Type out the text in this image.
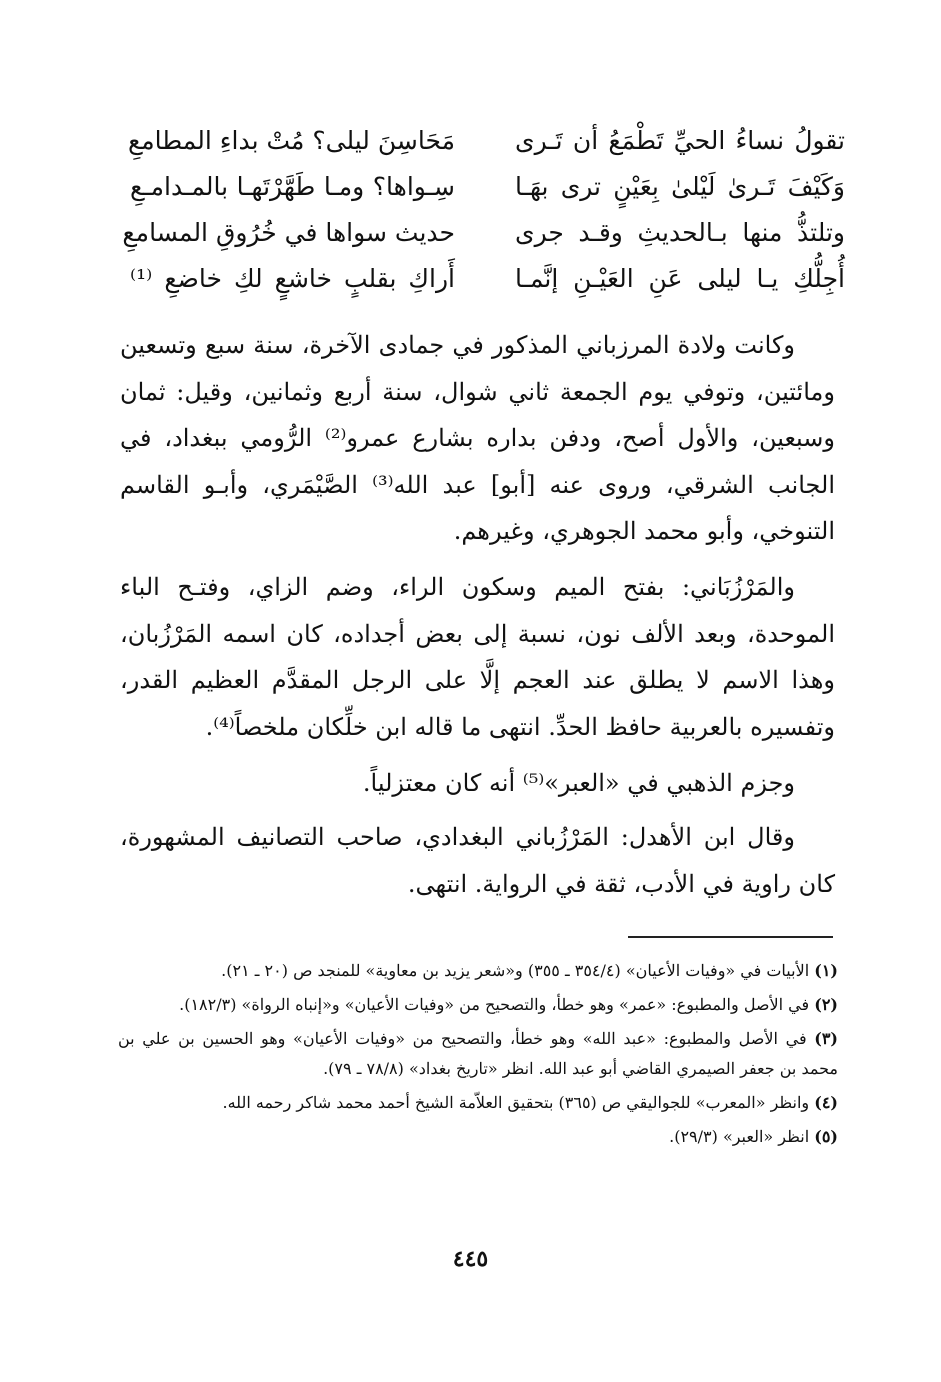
تقولُ نساءُ الحيِّ تَطْمَعُ أن تَـرى
مَحَاسِنَ ليلى؟ مُتْ بداءِ المطامعِ
وَكَيْفَ تَـرىٰ لَيْلىٰ بِعَيْنٍ ترى بهَـا
سِـواها؟ ومـا طَهَّرْتَهـا بالمـدامـعِ
وتلتذُّ منها بـالحديثِ وقـد جرى
حديث سواها في خُرُوقِ المسامعِ
أُجِلُّكِ يـا ليلى عَنِ العَيْـنِ إنَّمـا
أَراكِ بقلبٍ خاشعٍ لكِ خاضعِ ⁽¹⁾
وكانت ولادة المرزباني المذكور في جمادى الآخرة، سنة سبع وتسعين ومائتين، وتوفي يوم الجمعة ثاني شوال، سنة أربع وثمانين، وقيل: ثمان وسبعين، والأول أصح، ودفن بداره بشارع عمرو⁽²⁾ الرُّومي ببغداد، في الجانب الشرقي، وروى عنه [أبو] عبد الله⁽³⁾ الصَّيْمَري، وأبـو القاسم التنوخي، وأبو محمد الجوهري، وغيرهم.
والمَرْزُبَاني: بفتح الميم وسكون الراء، وضم الزاي، وفتـح الباء الموحدة، وبعد الألف نون، نسبة إلى بعض أجداده، كان اسمه المَرْزُبان، وهذا الاسم لا يطلق عند العجم إلَّا على الرجل المقدَّم العظيم القدر، وتفسيره بالعربية حافظ الحدِّ. انتهى ما قاله ابن خلِّكان ملخصاً⁽⁴⁾.
وجزم الذهبي في «العبر»⁽⁵⁾ أنه كان معتزلياً.
وقال ابن الأهدل: المَرْزُباني البغدادي، صاحب التصانيف المشهورة، كان راوية في الأدب، ثقة في الرواية. انتهى.
(١) الأبيات في «وفيات الأعيان» (٣٥٤/٤ ـ ٣٥٥) و«شعر يزيد بن معاوية» للمنجد ص (٢٠ ـ ٢١).
(٢) في الأصل والمطبوع: «عمر» وهو خطأ، والتصحيح من «وفيات الأعيان» و«إنباه الرواة» (١٨٢/٣).
(٣) في الأصل والمطبوع: «عبد الله» وهو خطأ، والتصحيح من «وفيات الأعيان» وهو الحسين بن علي بن محمد بن جعفر الصيمري القاضي أبو عبد الله. انظر «تاريخ بغداد» (٧٨/٨ ـ ٧٩).
(٤) وانظر «المعرب» للجواليقي ص (٣٦٥) بتحقيق العلاّمة الشيخ أحمد محمد شاكر رحمه الله.
(٥) انظر «العبر» (٢٩/٣).
٤٤٥
